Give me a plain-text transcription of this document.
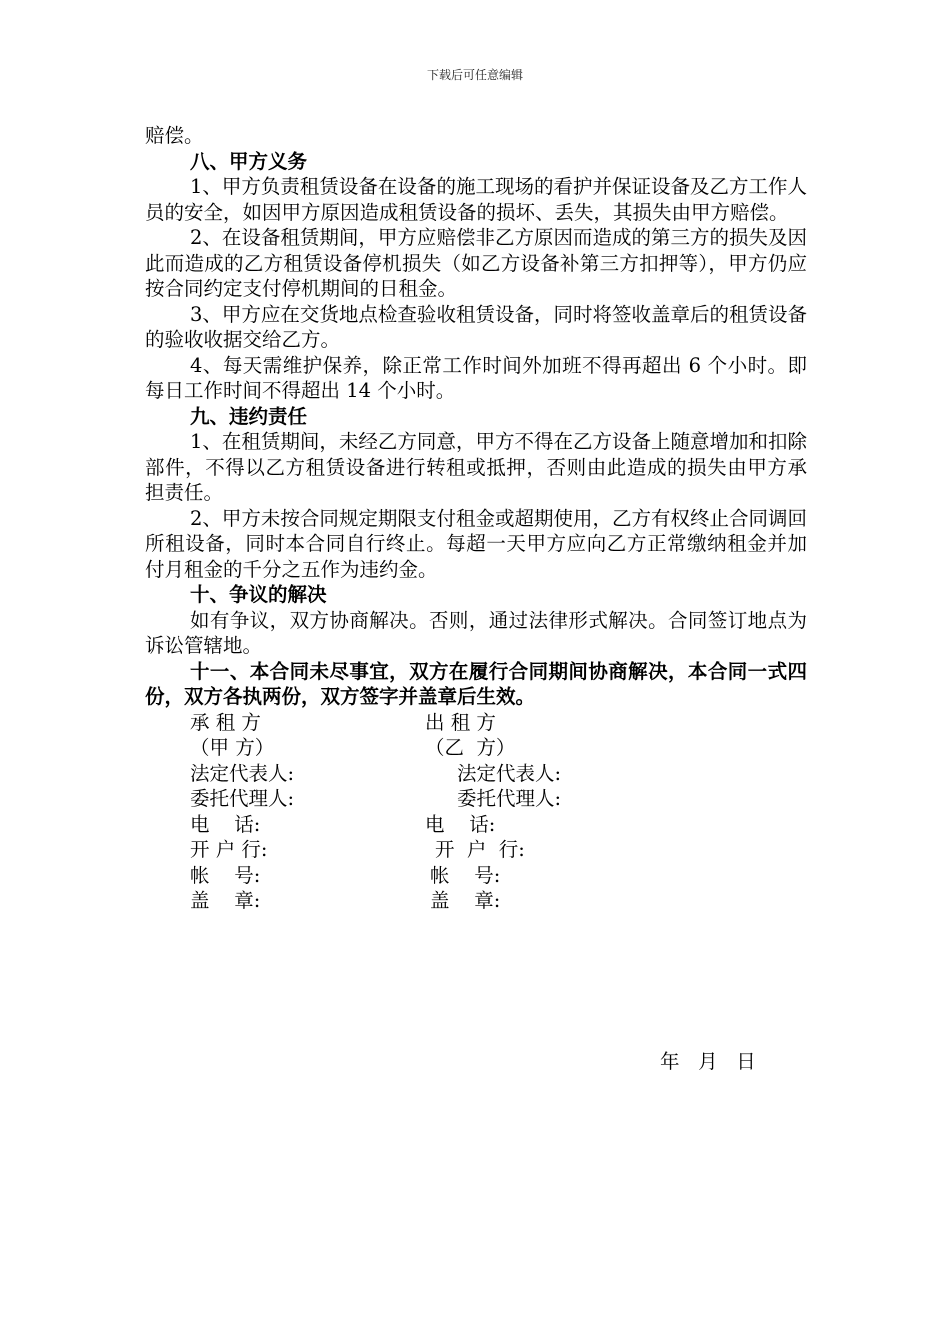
下载后可任意编辑

赔偿。

八、甲方义务

1、甲方负责租赁设备在设备的施工现场的看护并保证设备及乙方工作人员的安全，如因甲方原因造成租赁设备的损坏、丢失，其损失由甲方赔偿。

2、在设备租赁期间，甲方应赔偿非乙方原因而造成的第三方的损失及因此而造成的乙方租赁设备停机损失（如乙方设备补第三方扣押等），甲方仍应按合同约定支付停机期间的日租金。

3、甲方应在交货地点检查验收租赁设备，同时将签收盖章后的租赁设备的验收收据交给乙方。

4、每天需维护保养，除正常工作时间外加班不得再超出 6 个小时。即每日工作时间不得超出 14 个小时。

九、违约责任

1、在租赁期间，未经乙方同意，甲方不得在乙方设备上随意增加和扣除部件，不得以乙方租赁设备进行转租或抵押，否则由此造成的损失由甲方承担责任。

2、甲方未按合同规定期限支付租金或超期使用，乙方有权终止合同调回所租设备，同时本合同自行终止。每超一天甲方应向乙方正常缴纳租金并加付月租金的千分之五作为违约金。

十、争议的解决

如有争议，双方协商解决。否则，通过法律形式解决。合同签订地点为诉讼管辖地。

十一、本合同未尽事宜，双方在履行合同期间协商解决，本合同一式四份，双方各执两份，双方签字并盖章后生效。

承 租 方	出 租 方
（甲 方）	（乙  方）
法定代表人:	法定代表人:
委托代理人:	委托代理人:
电    话:	电    话:
开 户 行:	开  户  行:
帐    号:	帐    号:
盖    章:	盖    章:
年   月   日
